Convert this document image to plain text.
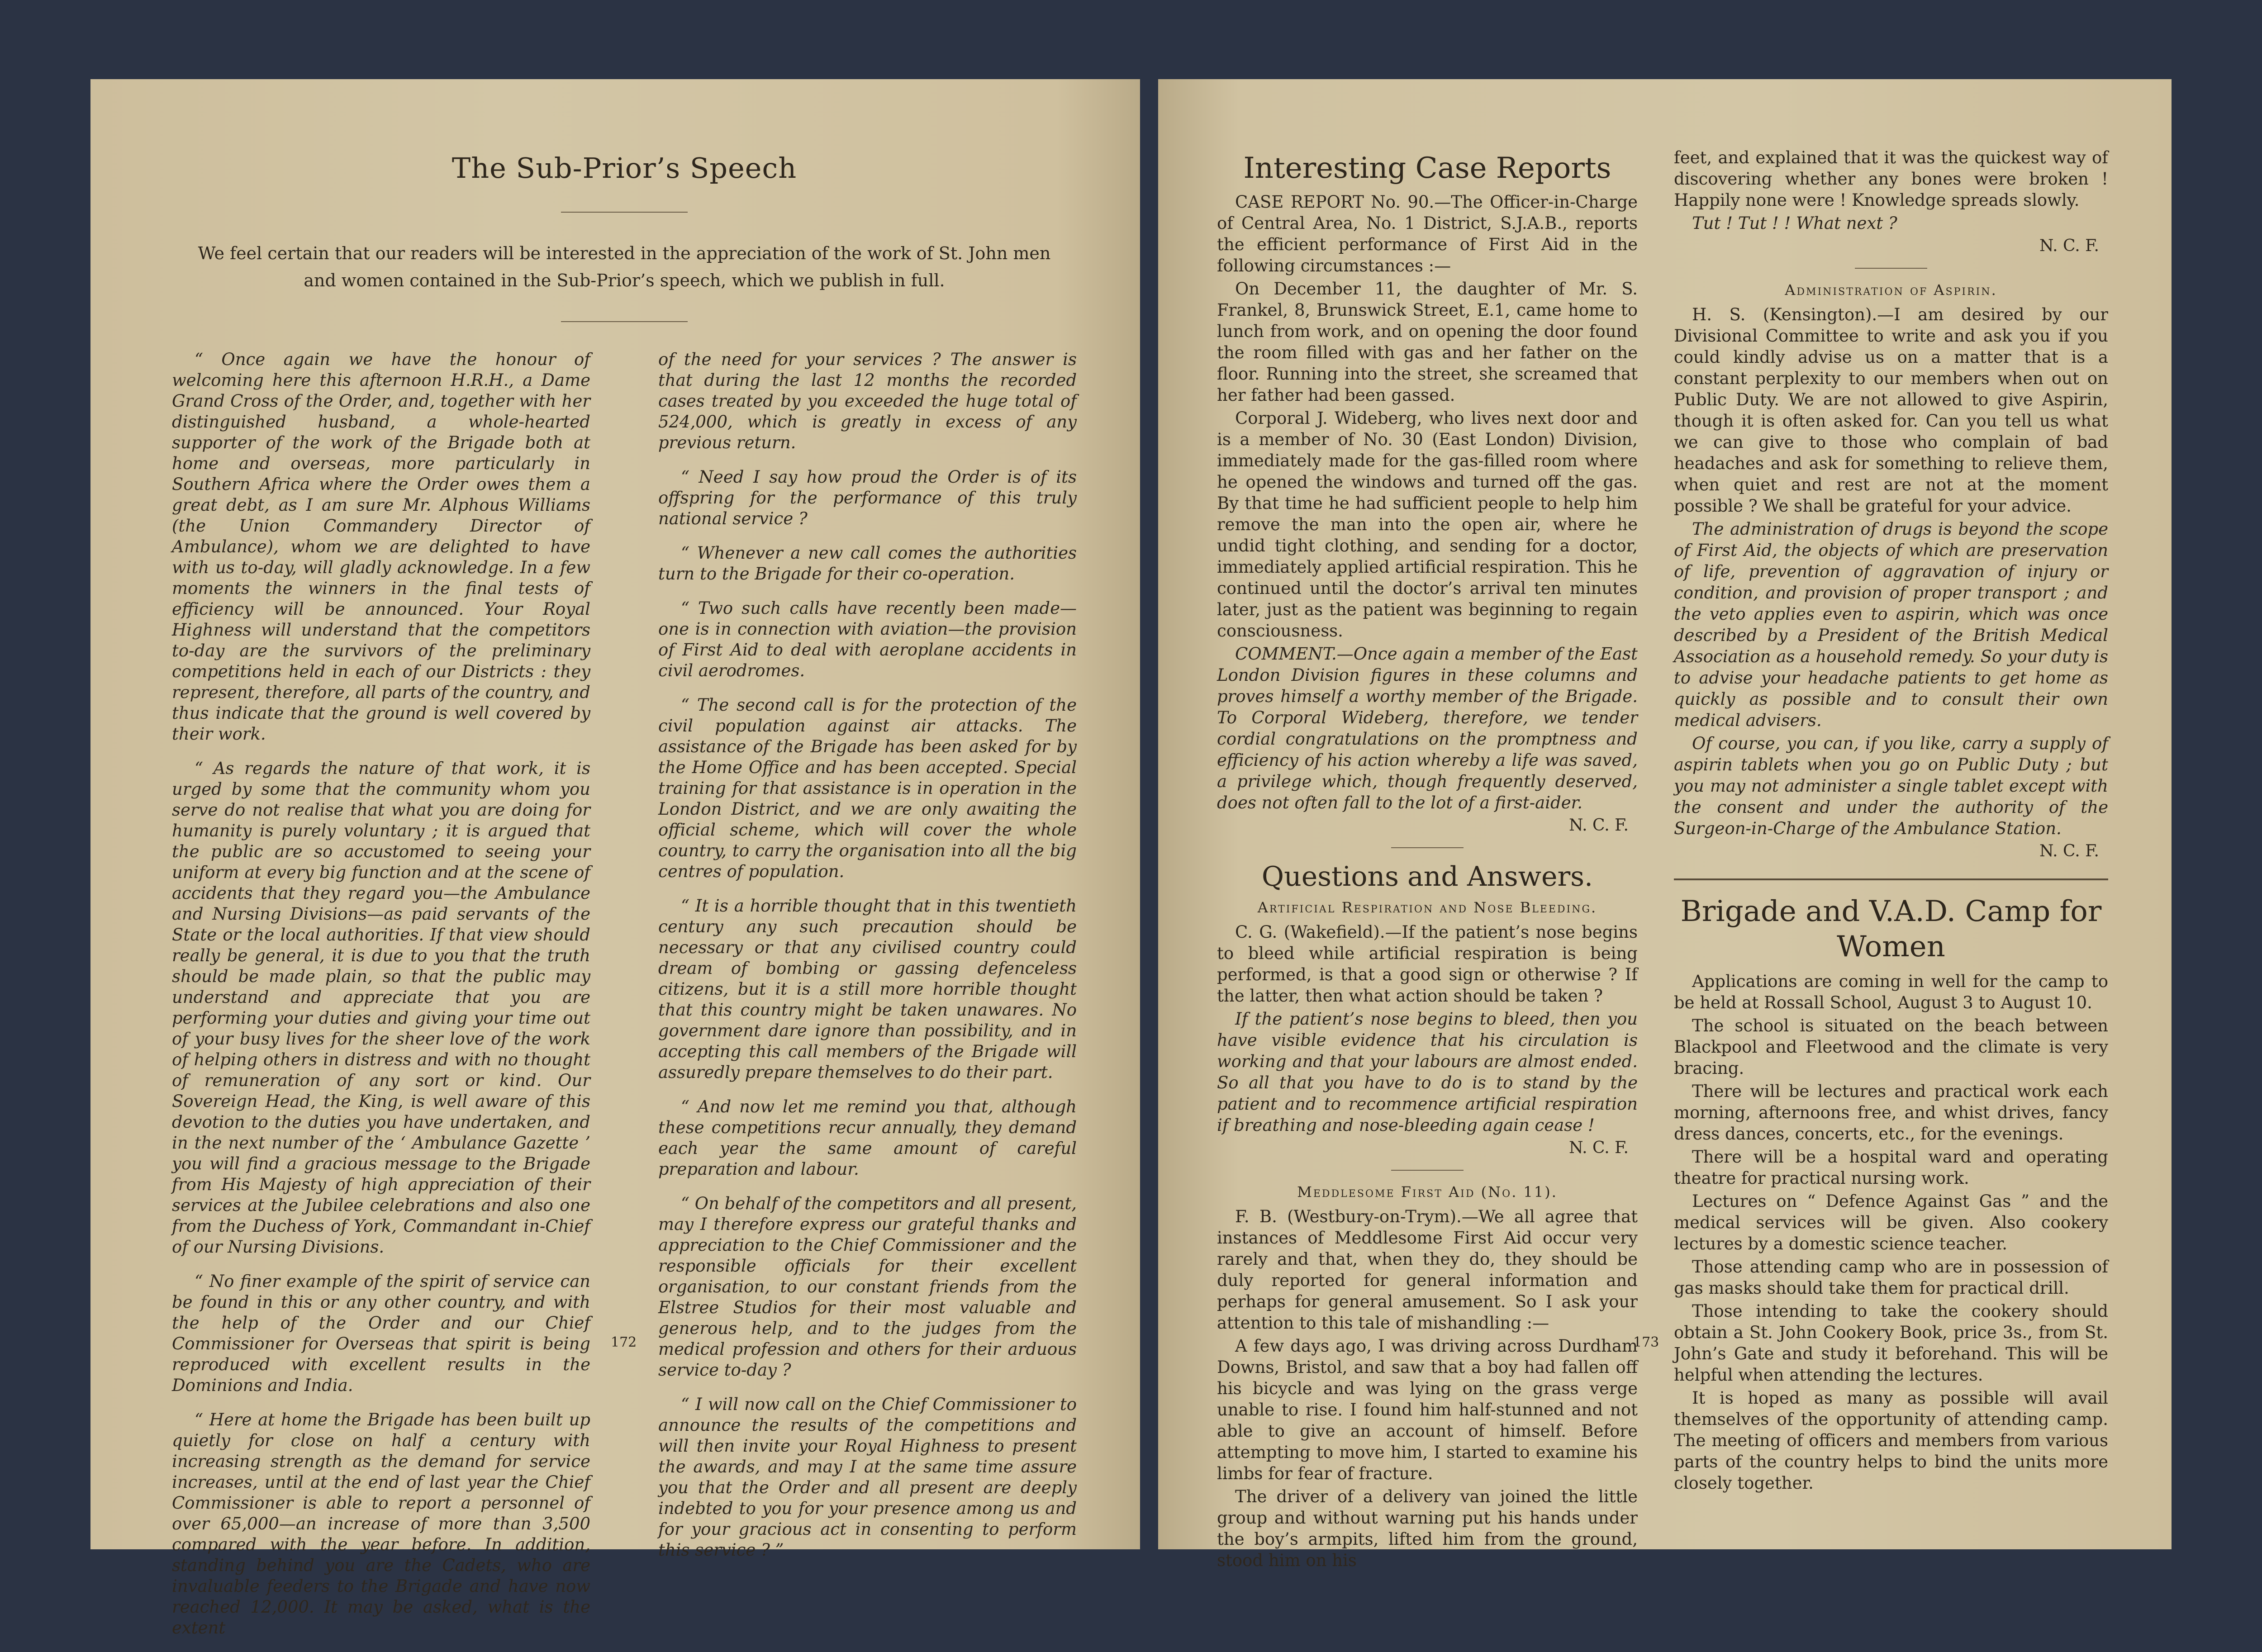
The Sub-Prior’s Speech
We feel certain that our readers will be interested in the appreciation of the work of St. John men and women contained in the Sub-Prior’s speech, which we publish in full.

“ Once again we have the honour of welcoming here this afternoon H.R.H., a Dame Grand Cross of the Order, and, together with her distinguished husband, a whole-hearted supporter of the work of the Brigade both at home and overseas, more particularly in Southern Africa where the Order owes them a great debt, as I am sure Mr. Alphous Williams (the Union Commandery Director of Ambulance), whom we are delighted to have with us to-day, will gladly acknowledge. In a few moments the winners in the final tests of efficiency will be announced. Your Royal Highness will understand that the competitors to-day are the survivors of the preliminary competitions held in each of our Districts : they represent, therefore, all parts of the country, and thus indicate that the ground is well covered by their work.

“ As regards the nature of that work, it is urged by some that the community whom you serve do not realise that what you are doing for humanity is purely voluntary ; it is argued that the public are so accustomed to seeing your uniform at every big function and at the scene of accidents that they regard you—the Ambulance and Nursing Divisions—as paid servants of the State or the local authorities. If that view should really be general, it is due to you that the truth should be made plain, so that the public may understand and appreciate that you are performing your duties and giving your time out of your busy lives for the sheer love of the work of helping others in distress and with no thought of remuneration of any sort or kind. Our Sovereign Head, the King, is well aware of this devotion to the duties you have undertaken, and in the next number of the ‘ Ambulance Gazette ’ you will find a gracious message to the Brigade from His Majesty of high appreciation of their services at the Jubilee celebrations and also one from the Duchess of York, Commandant in-Chief of our Nursing Divisions.

“ No finer example of the spirit of service can be found in this or any other country, and with the help of the Order and our Chief Commissioner for Overseas that spirit is being reproduced with excellent results in the Dominions and India.

“ Here at home the Brigade has been built up quietly for close on half a century with increasing strength as the demand for service increases, until at the end of last year the Chief Commissioner is able to report a personnel of over 65,000—an increase of more than 3,500 compared with the year before. In addition, standing behind you are the Cadets, who are invaluable feeders to the Brigade and have now reached 12,000. It may be asked, what is the extent

of the need for your services ? The answer is that during the last 12 months the recorded cases treated by you exceeded the huge total of 524,000, which is greatly in excess of any previous return.

“ Need I say how proud the Order is of its offspring for the performance of this truly national service ?

“ Whenever a new call comes the authorities turn to the Brigade for their co-operation.

“ Two such calls have recently been made—one is in connection with aviation—the provision of First Aid to deal with aeroplane accidents in civil aerodromes.

“ The second call is for the protection of the civil population against air attacks. The assistance of the Brigade has been asked for by the Home Office and has been accepted. Special training for that assistance is in operation in the London District, and we are only awaiting the official scheme, which will cover the whole country, to carry the organisation into all the big centres of population.

“ It is a horrible thought that in this twentieth century any such precaution should be necessary or that any civilised country could dream of bombing or gassing defenceless citizens, but it is a still more horrible thought that this country might be taken unawares. No government dare ignore than possibility, and in accepting this call members of the Brigade will assuredly prepare themselves to do their part.

“ And now let me remind you that, although these competitions recur annually, they demand each year the same amount of careful preparation and labour.

“ On behalf of the competitors and all present, may I therefore express our grateful thanks and appreciation to the Chief Commissioner and the responsible officials for their excellent organisation, to our constant friends from the Elstree Studios for their most valuable and generous help, and to the judges from the medical profession and others for their arduous service to-day ?

“ I will now call on the Chief Commissioner to announce the results of the competitions and will then invite your Royal Highness to present the awards, and may I at the same time assure you that the Order and all present are deeply indebted to you for your presence among us and for your gracious act in consenting to perform this service ? ”

172
Interesting Case Reports

CASE REPORT No. 90.—The Officer-in-Charge of Central Area, No. 1 District, S.J.A.B., reports the efficient performance of First Aid in the following circumstances :—

On December 11, the daughter of Mr. S. Frankel, 8, Brunswick Street, E.1, came home to lunch from work, and on opening the door found the room filled with gas and her father on the floor. Running into the street, she screamed that her father had been gassed.

Corporal J. Wideberg, who lives next door and is a member of No. 30 (East London) Division, immediately made for the gas-filled room where he opened the windows and turned off the gas. By that time he had sufficient people to help him remove the man into the open air, where he undid tight clothing, and sending for a doctor, immediately applied artificial respiration. This he continued until the doctor’s arrival ten minutes later, just as the patient was beginning to regain consciousness.

COMMENT.—Once again a member of the East London Division figures in these columns and proves himself a worthy member of the Brigade. To Corporal Wideberg, therefore, we tender cordial congratulations on the promptness and efficiency of his action whereby a life was saved, a privilege which, though frequently deserved, does not often fall to the lot of a first-aider.

N. C. F.
Questions and Answers.
Artificial Respiration and Nose Bleeding.

C. G. (Wakefield).—If the patient’s nose begins to bleed while artificial respiration is being performed, is that a good sign or otherwise ? If the latter, then what action should be taken ?

If the patient’s nose begins to bleed, then you have visible evidence that his circulation is working and that your labours are almost ended. So all that you have to do is to stand by the patient and to recommence artificial respiration if breathing and nose-bleeding again cease !

N. C. F.
Meddlesome First Aid (No. 11).

F. B. (Westbury-on-Trym).—We all agree that instances of Meddlesome First Aid occur very rarely and that, when they do, they should be duly reported for general information and perhaps for general amusement. So I ask your attention to this tale of mishandling :—

A few days ago, I was driving across Durdham Downs, Bristol, and saw that a boy had fallen off his bicycle and was lying on the grass verge unable to rise. I found him half-stunned and not able to give an account of himself. Before attempting to move him, I started to examine his limbs for fear of fracture.

The driver of a delivery van joined the little group and without warning put his hands under the boy’s armpits, lifted him from the ground, stood him on his

feet, and explained that it was the quickest way of discovering whether any bones were broken ! Happily none were ! Knowledge spreads slowly.

Tut ! Tut ! ! What next ?

N. C. F.
Administration of Aspirin.

H. S. (Kensington).—I am desired by our Divisional Committee to write and ask you if you could kindly advise us on a matter that is a constant perplexity to our members when out on Public Duty. We are not allowed to give Aspirin, though it is often asked for. Can you tell us what we can give to those who complain of bad headaches and ask for something to relieve them, when quiet and rest are not at the moment possible ? We shall be grateful for your advice.

The administration of drugs is beyond the scope of First Aid, the objects of which are preservation of life, prevention of aggravation of injury or condition, and provision of proper transport ; and the veto applies even to aspirin, which was once described by a President of the British Medical Association as a household remedy. So your duty is to advise your headache patients to get home as quickly as possible and to consult their own medical advisers.

Of course, you can, if you like, carry a supply of aspirin tablets when you go on Public Duty ; but you may not administer a single tablet except with the consent and under the authority of the Surgeon-in-Charge of the Ambulance Station.

N. C. F.
Brigade and V.A.D. Camp for Women

Applications are coming in well for the camp to be held at Rossall School, August 3 to August 10.

The school is situated on the beach between Blackpool and Fleetwood and the climate is very bracing.

There will be lectures and practical work each morning, afternoons free, and whist drives, fancy dress dances, concerts, etc., for the evenings.

There will be a hospital ward and operating theatre for practical nursing work.

Lectures on “ Defence Against Gas ” and the medical services will be given. Also cookery lectures by a domestic science teacher.

Those attending camp who are in possession of gas masks should take them for practical drill.

Those intending to take the cookery should obtain a St. John Cookery Book, price 3s., from St. John’s Gate and study it beforehand. This will be helpful when attending the lectures.

It is hoped as many as possible will avail themselves of the opportunity of attending camp. The meeting of officers and members from various parts of the country helps to bind the units more closely together.

173
